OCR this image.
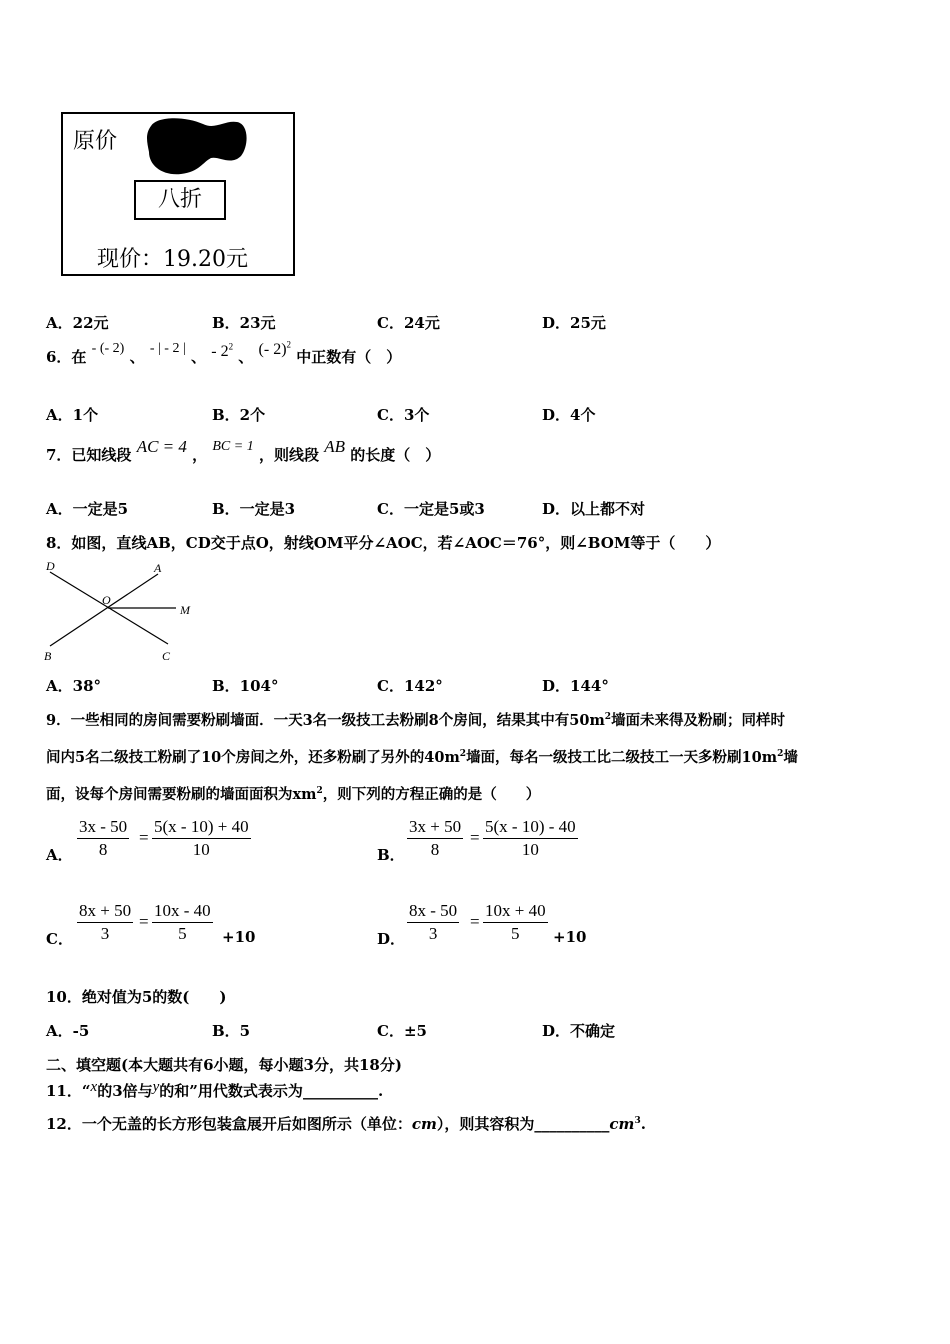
原价
八折
现价：19.20元
A．22元	B．23元	C．24元	D．25元
6．在 - (- 2) 、 - | - 2 | 、 - $2^2$ 、 (- 2)$^2$ 中正数有（　）
A．1个	B．2个	C．3个	D．4个
7．已知线段 AC = 4 ， BC = 1 ，则线段 AB 的长度（　）
A．一定是5	B．一定是3	C．一定是5或3	D．以上都不对
8．如图，直线AB，CD交于点O，射线OM平分∠AOC，若∠AOC＝76°，则∠BOM等于（　　）
D	A
O
M
B	C
A．38°	B．104°	C．142°	D．144°
9．一些相同的房间需要粉刷墙面．一天3名一级技工去粉刷8个房间，结果其中有$50m^2$墙面未来得及粉刷；同样时
间内5名二级技工粉刷了10个房间之外，还多粉刷了另外的$40m^2$墙面，每名一级技工比二级技工一天多粉刷$10m^2$墙
面，设每个房间需要粉刷的墙面面积为$xm^2$，则下列的方程正确的是（　　）
A． $\frac{3x - 50}{8} = \frac{5(x - 10) + 40}{10}$	B． $\frac{3x + 50}{8} = \frac{5(x - 10) - 40}{10}$
C． $\frac{8x + 50}{3} = \frac{10x - 40}{5} +10$	D． $\frac{8x - 50}{3} = \frac{10x + 40}{5} +10$
10．绝对值为5的数(　　)
A．-5	B．5	C．±5	D．不确定
二、填空题(本大题共有6小题，每小题3分，共18分)
11．“x的3倍与y的和”用代数式表示为__________.
12．一个无盖的长方形包装盒展开后如图所示（单位：cm），则其容积为$\_\_\_\_\_\_\_\_\_\_cm^3$.
